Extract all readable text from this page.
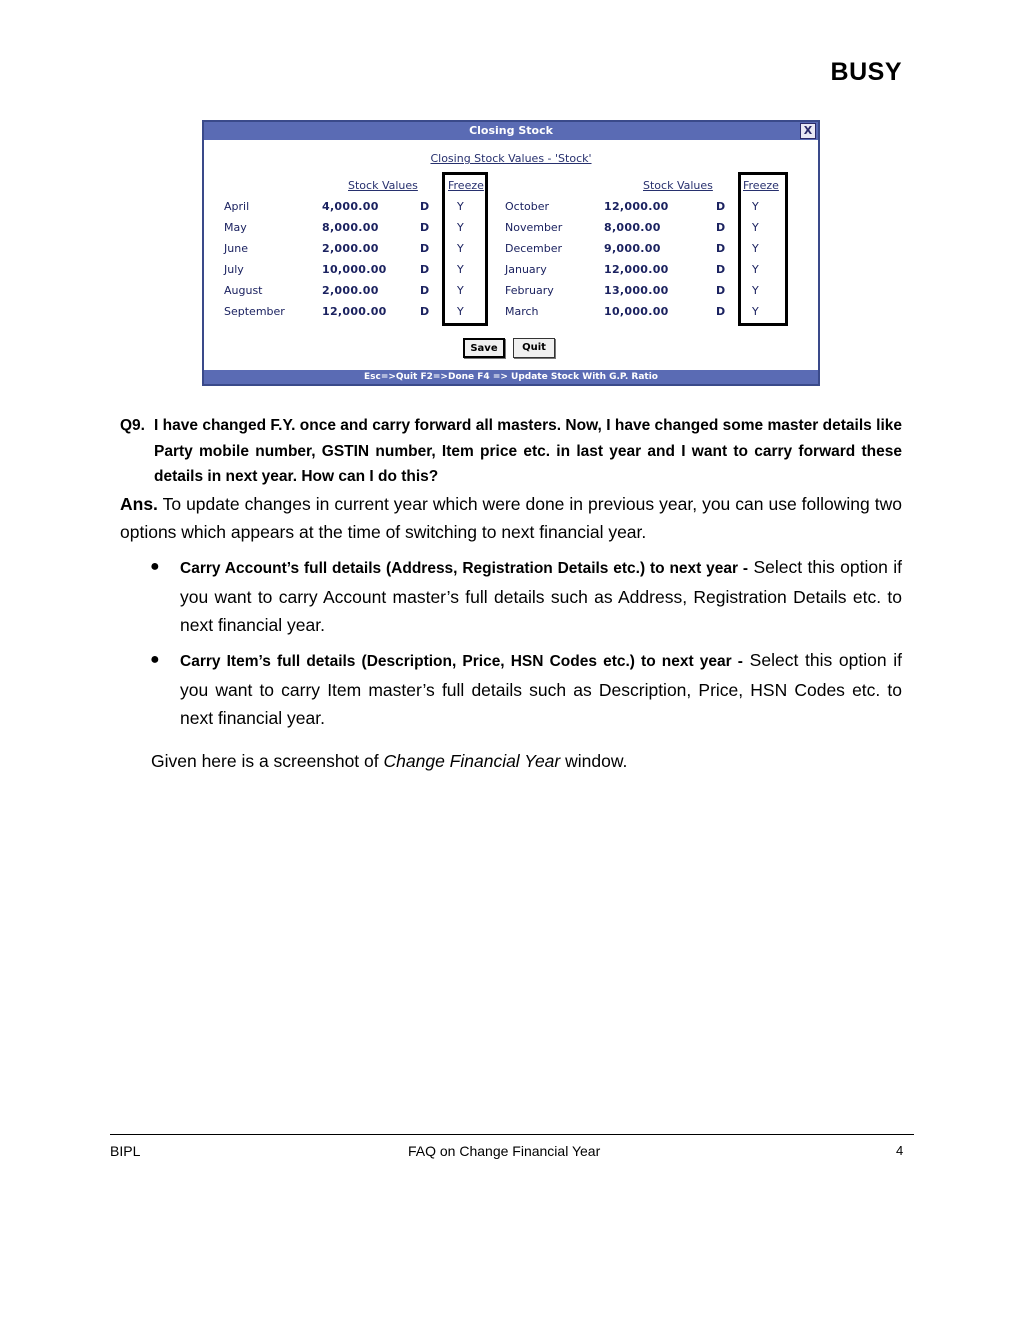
BUSY
Closing Stock	X
Closing Stock Values - 'Stock'
Stock Values	Freeze	Stock Values	Freeze
April	4,000.00	D	Y
May	8,000.00	D	Y
June	2,000.00	D	Y
July	10,000.00	D	Y
August	2,000.00	D	Y
September	12,000.00	D	Y
October	12,000.00	D Y
November	8,000.00	D Y
December	9,000.00	D Y
January	12,000.00	D Y
February	13,000.00	D Y
March	10,000.00	D Y
Save	Quit
Esc=>Quit F2=>Done F4 => Update Stock With G.P. Ratio
Q9. I have changed F.Y. once and carry forward all masters. Now, I have changed some master details like Party mobile number, GSTIN number, Item price etc. in last year and I want to carry forward these details in next year. How can I do this?
Ans. To update changes in current year which were done in previous year, you can use following two options which appears at the time of switching to next financial year.
● Carry Account’s full details (Address, Registration Details etc.) to next year - Select this option if you want to carry Account master’s full details such as Address, Registration Details etc. to next financial year.
● Carry Item’s full details (Description, Price, HSN Codes etc.) to next year - Select this option if you want to carry Item master’s full details such as Description, Price, HSN Codes etc. to next financial year.
Given here is a screenshot of Change Financial Year window.
BIPL	FAQ on Change Financial Year	4
